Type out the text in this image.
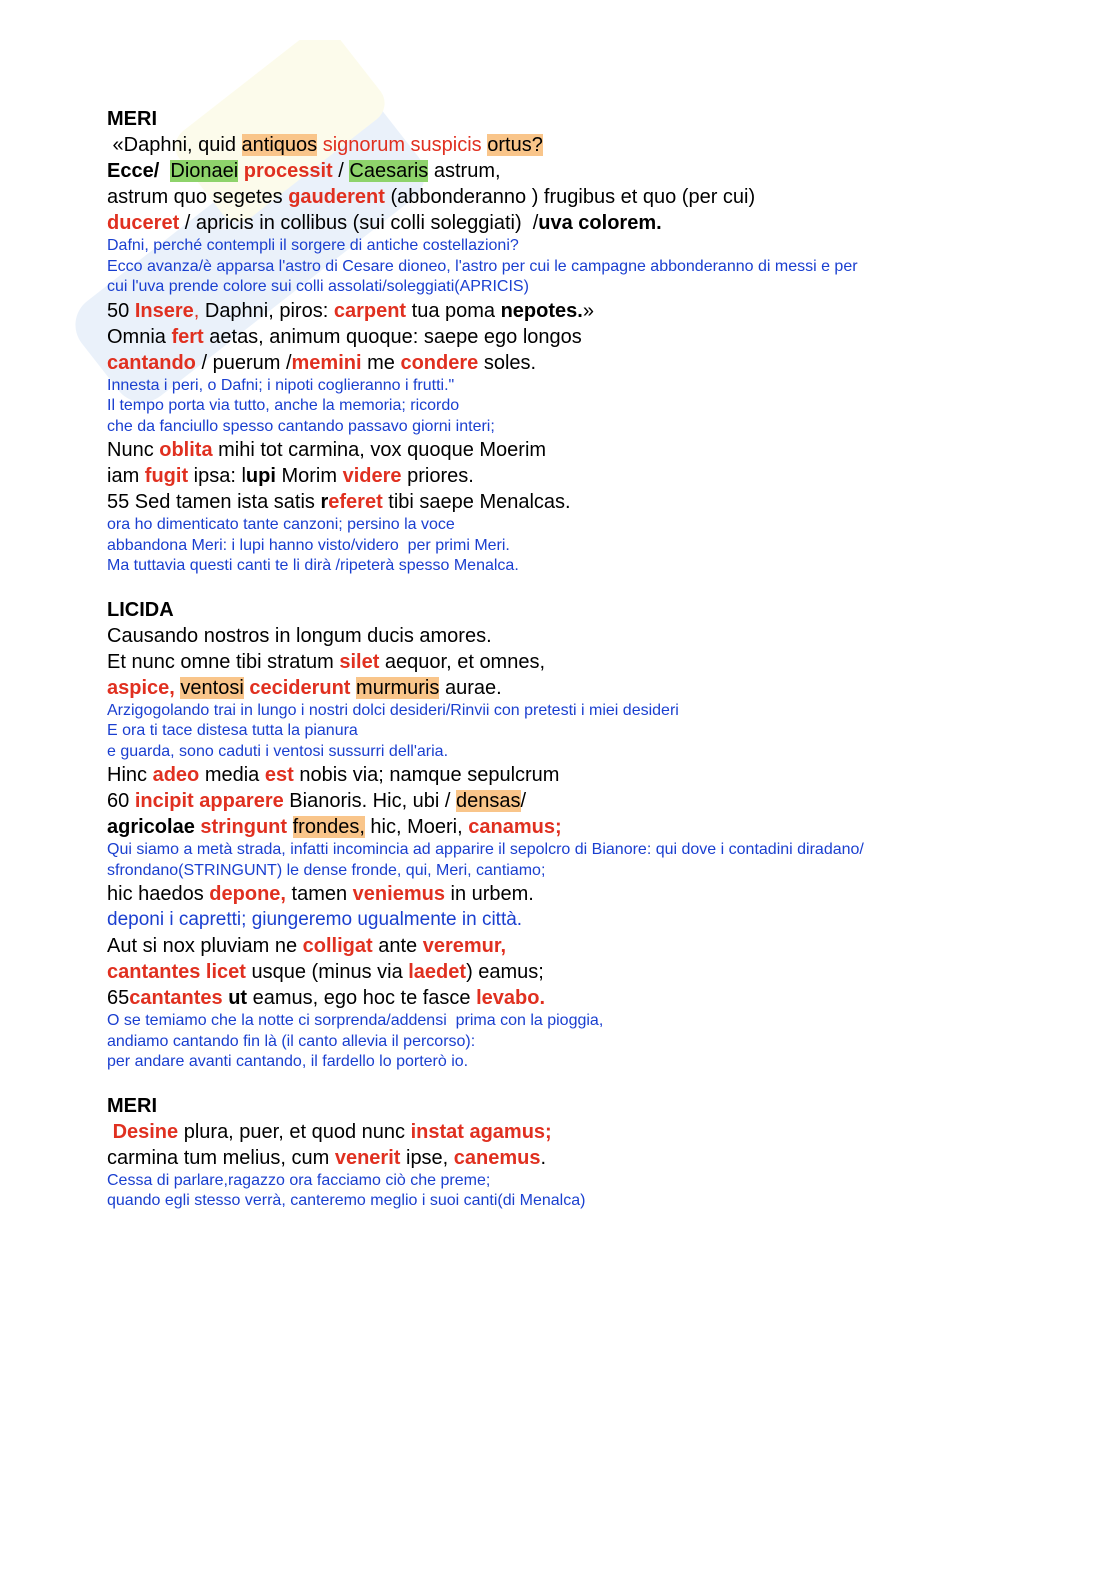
MERI
«Daphni, quid antiquos signorum suspicis ortus?
Ecce/ Dionaei processit / Caesaris astrum,
astrum quo segetes gauderent (abbonderanno ) frugibus et quo (per cui)
duceret / apricis in collibus (sui colli soleggiati)  /uva colorem.
Dafni, perché contempli il sorgere di antiche costellazioni?
Ecco avanza/è apparsa l'astro di Cesare dioneo, l'astro per cui le campagne abbonderanno di messi e per
cui l'uva prende colore sui colli assolati/soleggiati(APRICIS)
50 Insere, Daphni, piros: carpent tua poma nepotes.»
Omnia fert aetas, animum quoque: saepe ego longos
cantando / puerum /memini me condere soles.
Innesta i peri, o Dafni; i nipoti coglieranno i frutti."
Il tempo porta via tutto, anche la memoria; ricordo
che da fanciullo spesso cantando passavo giorni interi;
Nunc oblita mihi tot carmina, vox quoque Moerim
iam fugit ipsa: lupi Morim videre priores.
55 Sed tamen ista satis referet tibi saepe Menalcas.
ora ho dimenticato tante canzoni; persino la voce
abbandona Meri: i lupi hanno visto/videro  per primi Meri.
Ma tuttavia questi canti te li dirà /ripeterà spesso Menalca.
LICIDA
Causando nostros in longum ducis amores.
Et nunc omne tibi stratum silet aequor, et omnes,
aspice, ventosi ceciderunt murmuris aurae.
Arzigogolando trai in lungo i nostri dolci desideri/Rinvii con pretesti i miei desideri
E ora ti tace distesa tutta la pianura
e guarda, sono caduti i ventosi sussurri dell'aria.
Hinc adeo media est nobis via; namque sepulcrum
60 incipit apparere Bianoris. Hic, ubi / densas/
agricolae stringunt frondes, hic, Moeri, canamus;
Qui siamo a metà strada, infatti incomincia ad apparire il sepolcro di Bianore: qui dove i contadini diradano/
sfrondano(STRINGUNT) le dense fronde, qui, Meri, cantiamo;
hic haedos depone, tamen veniemus in urbem.
deponi i capretti; giungeremo ugualmente in città.
Aut si nox pluviam ne colligat ante veremur,
cantantes licet usque (minus via laedet) eamus;
65cantantes ut eamus, ego hoc te fasce levabo.
O se temiamo che la notte ci sorprenda/addensi  prima con la pioggia,
andiamo cantando fin là (il canto allevia il percorso):
per andare avanti cantando, il fardello lo porterò io.
MERI
Desine plura, puer, et quod nunc instat agamus;
carmina tum melius, cum venerit ipse, canemus.
Cessa di parlare,ragazzo ora facciamo ciò che preme;
quando egli stesso verrà, canteremo meglio i suoi canti(di Menalca)
